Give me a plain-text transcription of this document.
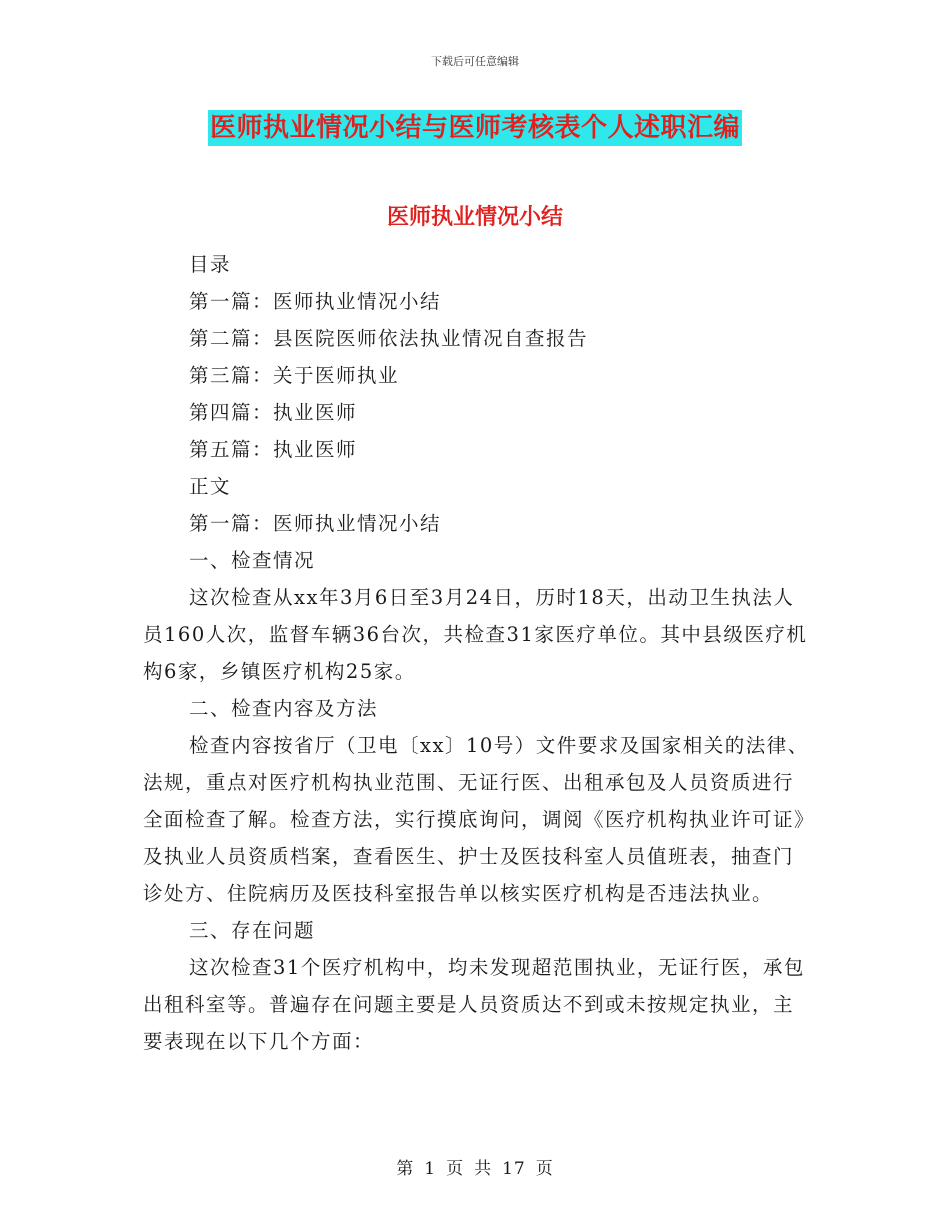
下载后可任意编辑
医师执业情况小结与医师考核表个人述职汇编
医师执业情况小结

目录

第一篇：医师执业情况小结

第二篇：县医院医师依法执业情况自查报告

第三篇：关于医师执业

第四篇：执业医师

第五篇：执业医师

正文

第一篇：医师执业情况小结

一、检查情况

这次检查从xx年3月6日至3月24日，历时18天，出动卫生执法人员160人次，监督车辆36台次，共检查31家医疗单位。其中县级医疗机构6家，乡镇医疗机构25家。

二、检查内容及方法

检查内容按省厅（卫电〔xx〕10号）文件要求及国家相关的法律、法规，重点对医疗机构执业范围、无证行医、出租承包及人员资质进行全面检查了解。检查方法，实行摸底询问，调阅《医疗机构执业许可证》及执业人员资质档案，查看医生、护士及医技科室人员值班表，抽查门诊处方、住院病历及医技科室报告单以核实医疗机构是否违法执业。

三、存在问题

这次检查31个医疗机构中，均未发现超范围执业，无证行医，承包出租科室等。普遍存在问题主要是人员资质达不到或未按规定执业，主要表现在以下几个方面：

第 1 页 共 17 页
